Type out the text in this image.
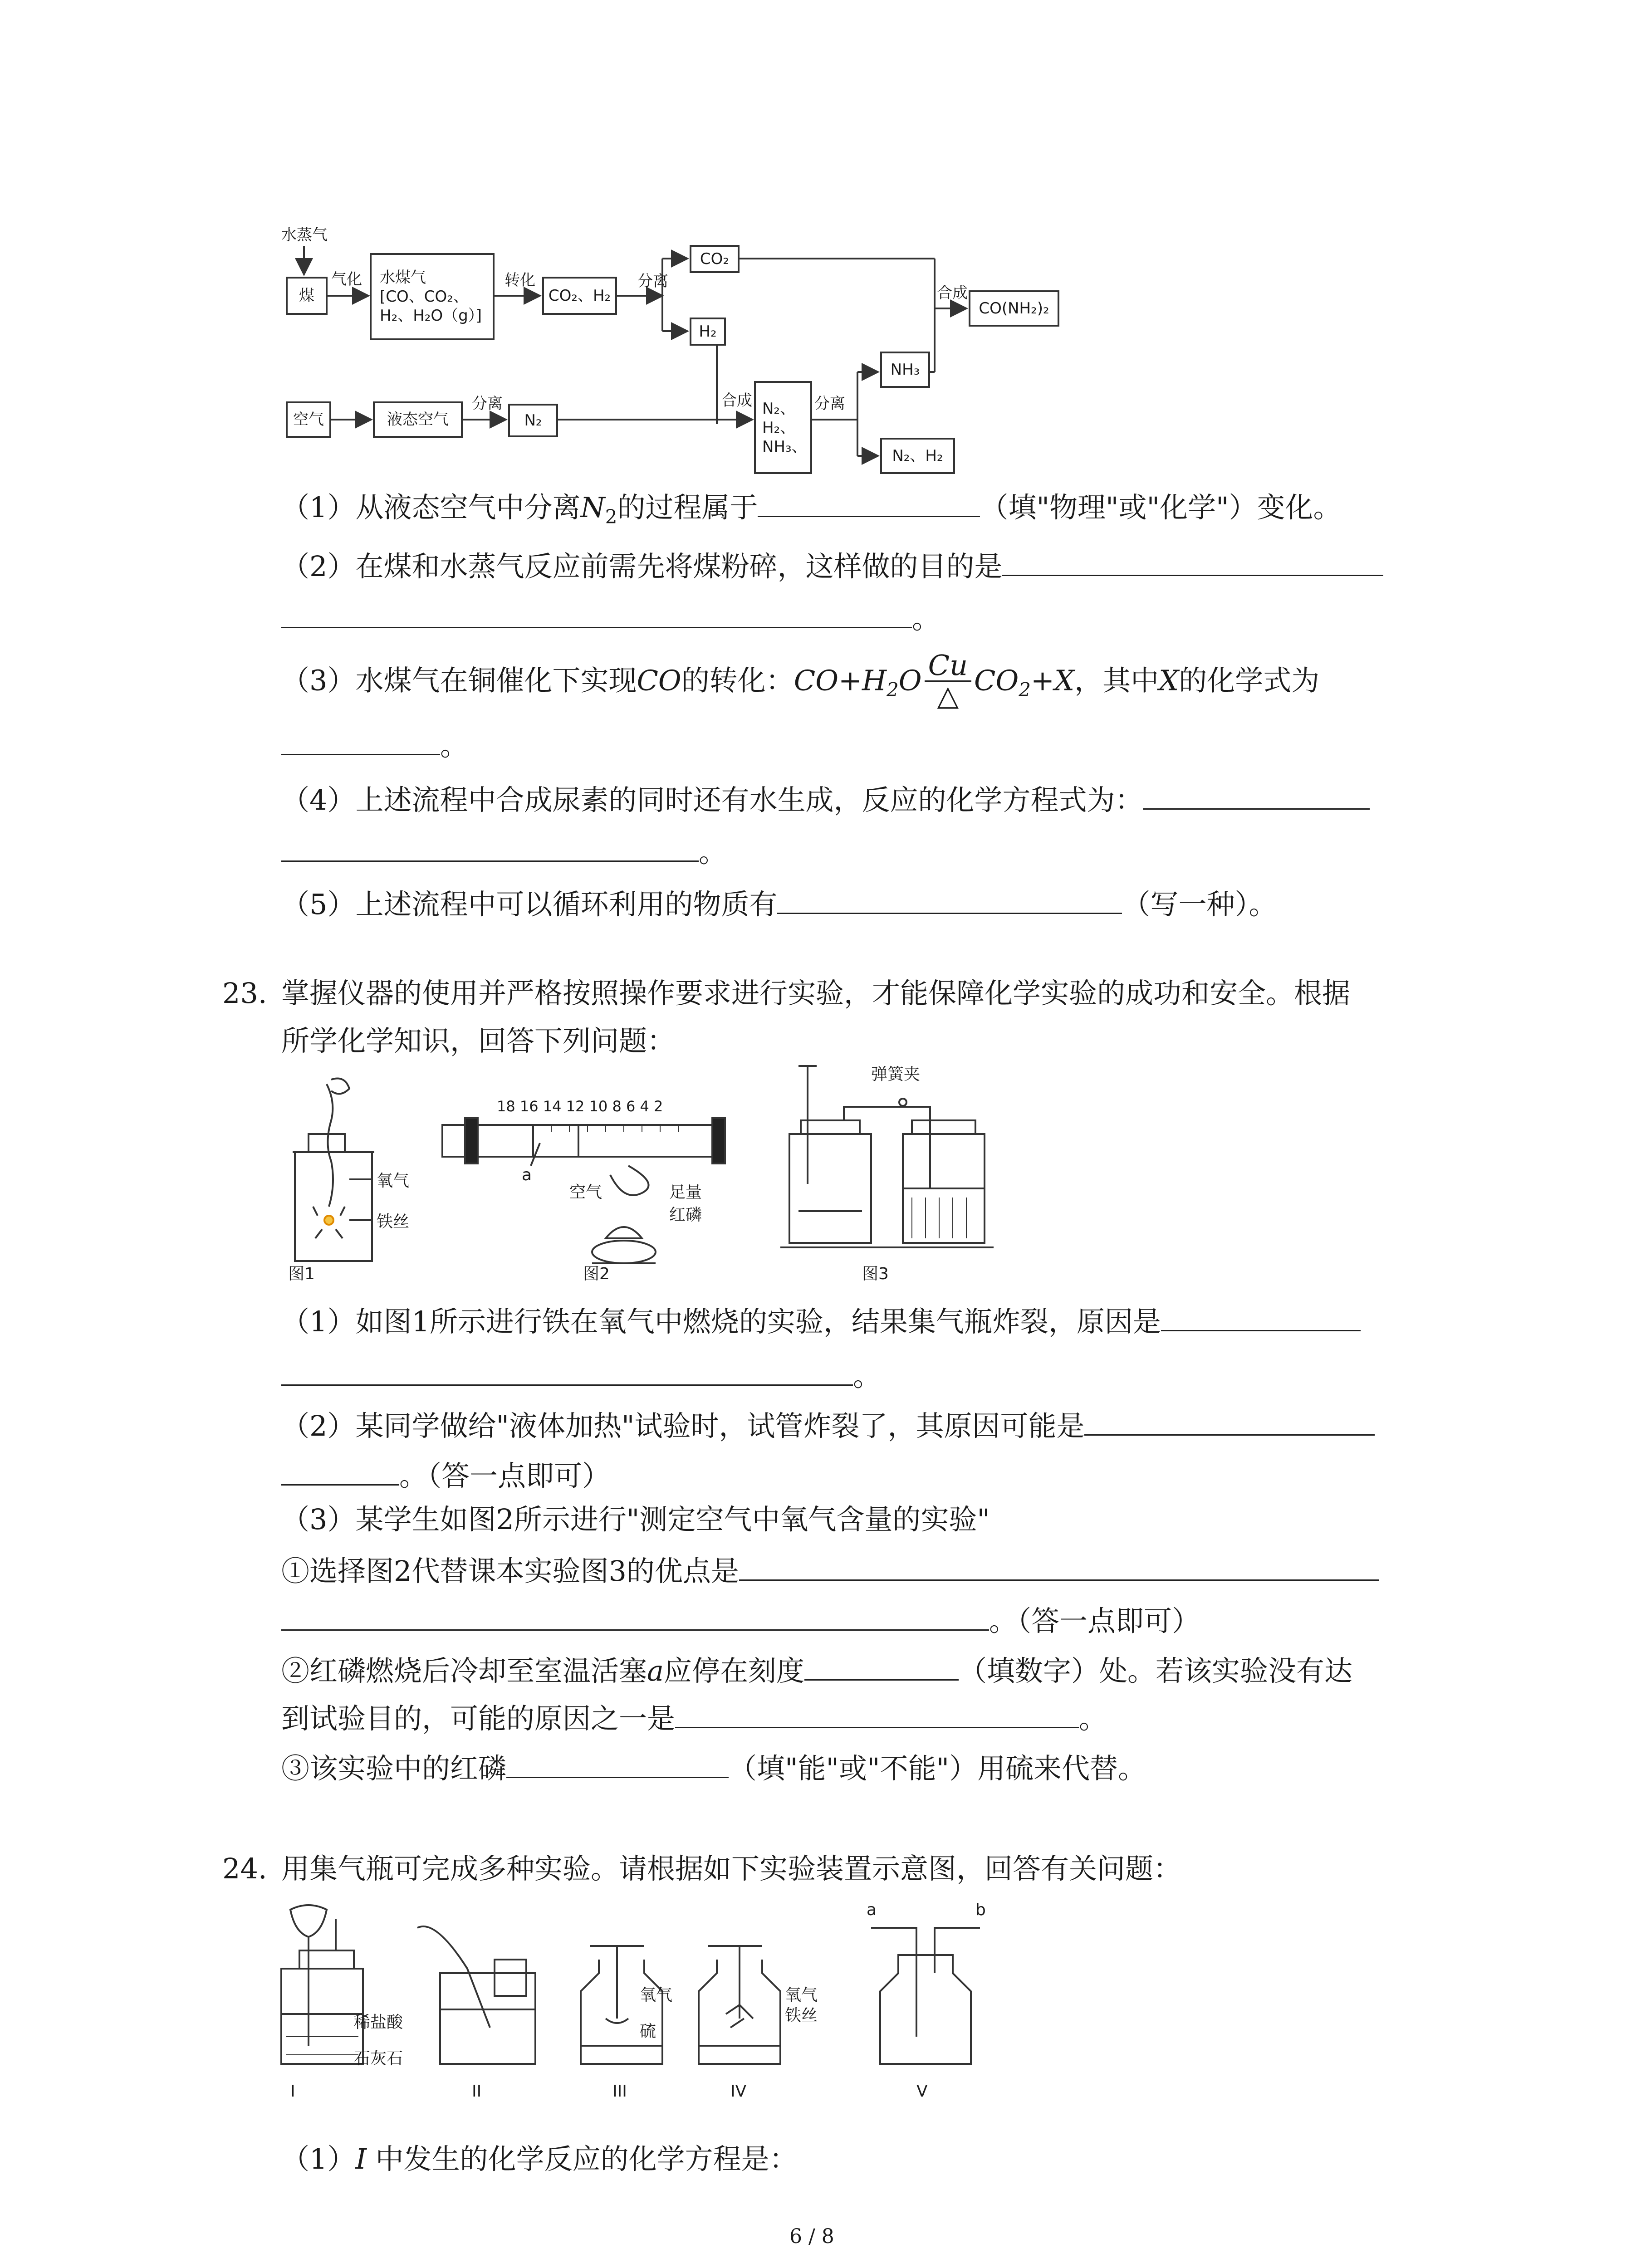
水蒸气
煤
气化 水煤气
[CO、CO₂、
H₂、H₂O（g）]
转化
CO₂、H₂
分离
CO₂
H₂
合成
CO(NH₂)₂
空气	液态空气
分离
N₂
合成 N₂、
H₂、
NH₃、
分离
NH₃
N₂、H₂
（1）从液态空气中分离$N_2$的过程属于	（填"物理"或"化学"）变化。
（2）在煤和水蒸气反应前需先将煤粉碎，这样做的目的是
。
（3）水煤气在铜催化下实现CO的转化：$CO+H_2O \frac{Cu}{\triangle} CO_2+X$，其中X的化学式为
。
（4）上述流程中合成尿素的同时还有水生成，反应的化学方程式为：
。
（5）上述流程中可以循环利用的物质有	（写一种）。
23. 掌握仪器的使用并严格按照操作要求进行实验，才能保障化学实验的成功和安全。根据
所学化学知识，回答下列问题：
氧气
铁丝
图1
18 16 14 12 10 8 6 4 2
a
空气	足量
红磷
图2
弹簧夹
图3
（1）如图1所示进行铁在氧气中燃烧的实验，结果集气瓶炸裂，原因是
。
（2）某同学做给"液体加热"试验时，试管炸裂了，其原因可能是
。（答一点即可）
（3）某学生如图2所示进行"测定空气中氧气含量的实验"
①选择图2代替课本实验图3的优点是
。（答一点即可）
②红磷燃烧后冷却至室温活塞a应停在刻度	（填数字）处。若该实验没有达
到试验目的，可能的原因之一是	。
③该实验中的红磷	（填"能"或"不能"）用硫来代替。
24. 用集气瓶可完成多种实验。请根据如下实验装置示意图，回答有关问题：
稀盐酸
石灰石
氧气
硫
氧气
铁丝
a	b
I	II	III	IV	V
（1）I 中发生的化学反应的化学方程是：
6 / 8
